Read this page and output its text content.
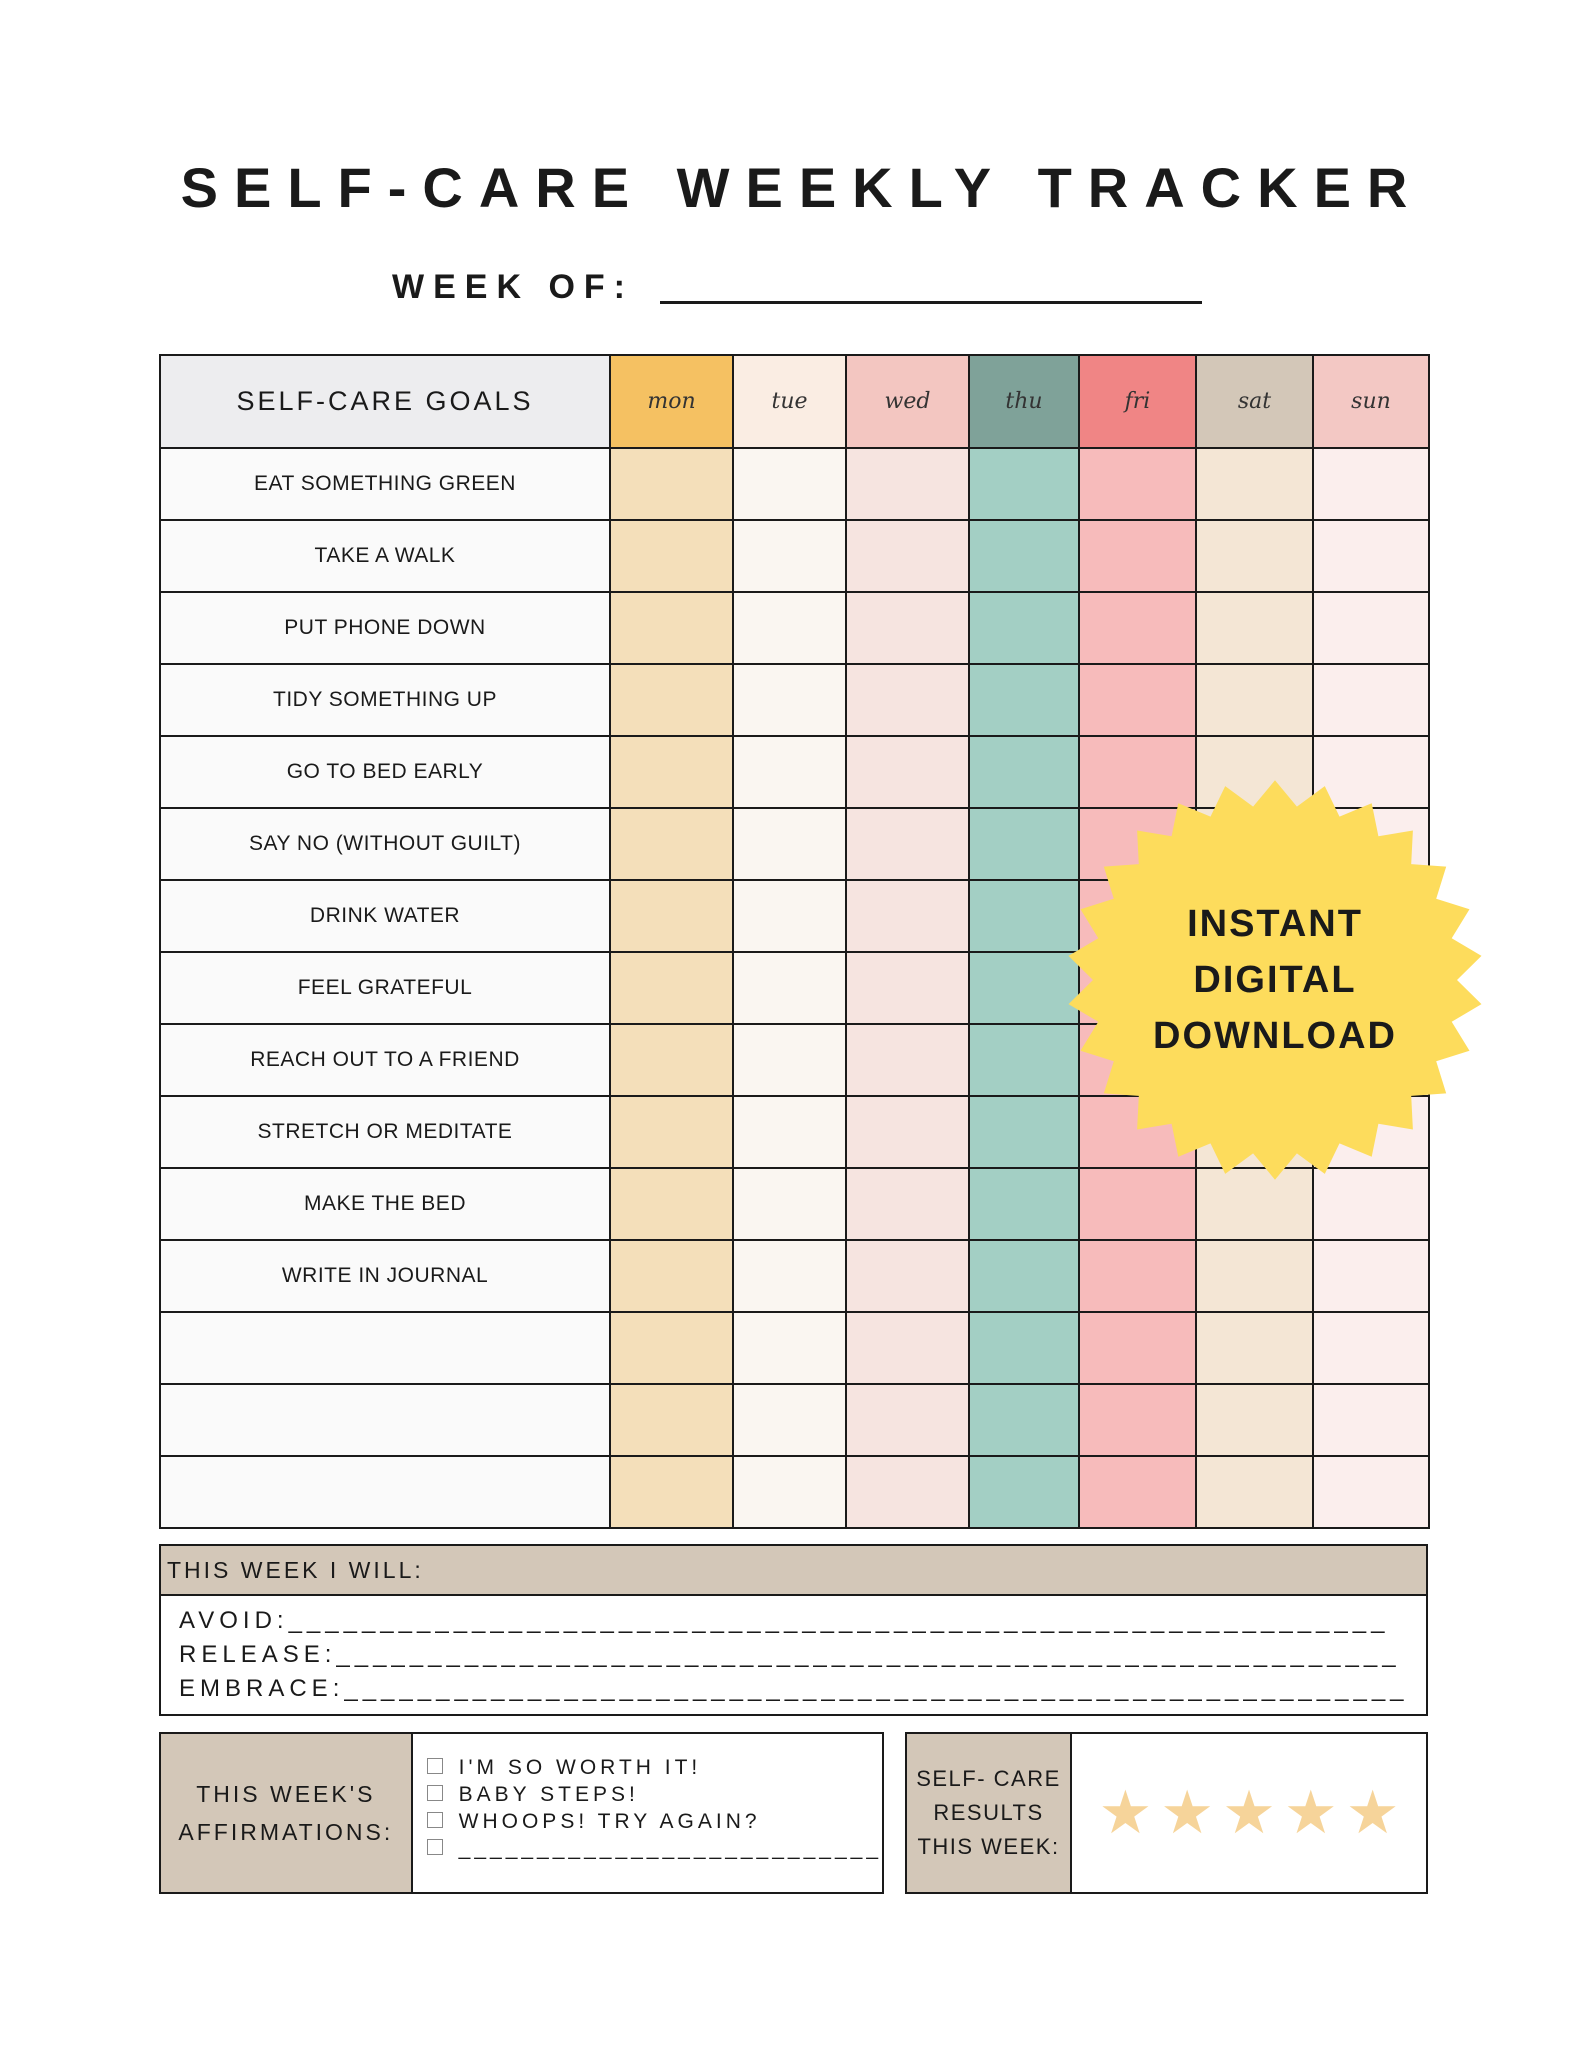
SELF-CARE WEEKLY TRACKER
WEEK OF:
SELF-CARE GOALS	mon	tue	wed	thu	fri	sat	sun
EAT SOMETHING GREEN							
TAKE A WALK							
PUT PHONE DOWN							
TIDY SOMETHING UP							
GO TO BED EARLY							
SAY NO (WITHOUT GUILT)							
DRINK WATER							
FEEL GRATEFUL							
REACH OUT TO A FRIEND							
STRETCH OR MEDITATE							
MAKE THE BED							
WRITE IN JOURNAL							

THIS WEEK I WILL:
AVOID:____________________________________________________________
RELEASE:__________________________________________________________
EMBRACE:__________________________________________________________
THIS WEEK'S AFFIRMATIONS:
I'M SO WORTH IT!
BABY STEPS!
WHOOPS! TRY AGAIN?
___________________________
SELF- CARE RESULTS THIS WEEK:
★ ★ ★ ★ ★
INSTANT
DIGITAL
DOWNLOAD
